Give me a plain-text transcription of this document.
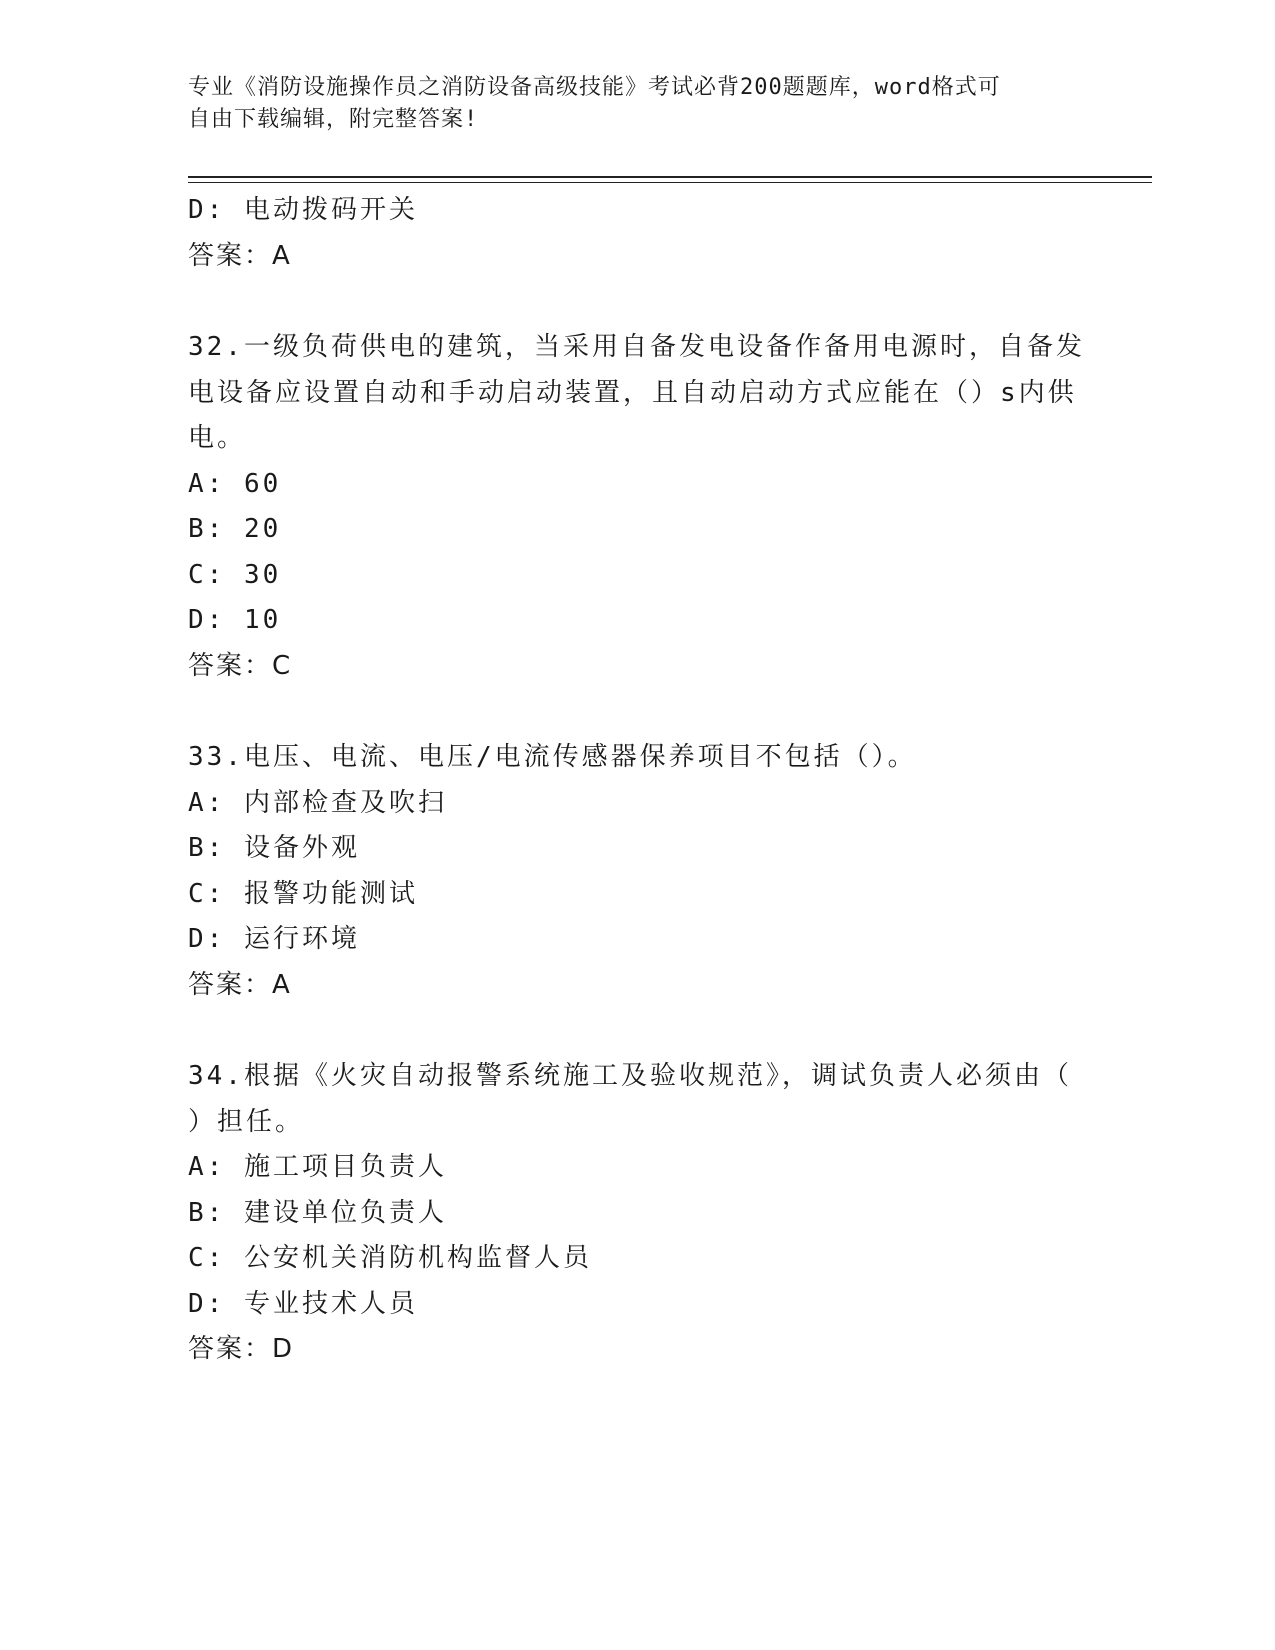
专业《消防设施操作员之消防设备高级技能》考试必背200题题库，word格式可
自由下载编辑，附完整答案!
D: 电动拨码开关
答案：A
32.一级负荷供电的建筑，当采用自备发电设备作备用电源时，自备发
电设备应设置自动和手动启动装置，且自动启动方式应能在（）s内供
电。
A: 60
B: 20
C: 30
D: 10
答案：C
33.电压、电流、电压/电流传感器保养项目不包括（）。
A: 内部检查及吹扫
B: 设备外观
C: 报警功能测试
D: 运行环境
答案：A
34.根据《火灾自动报警系统施工及验收规范》，调试负责人必须由（
）担任。
A: 施工项目负责人
B: 建设单位负责人
C: 公安机关消防机构监督人员
D: 专业技术人员
答案：D
